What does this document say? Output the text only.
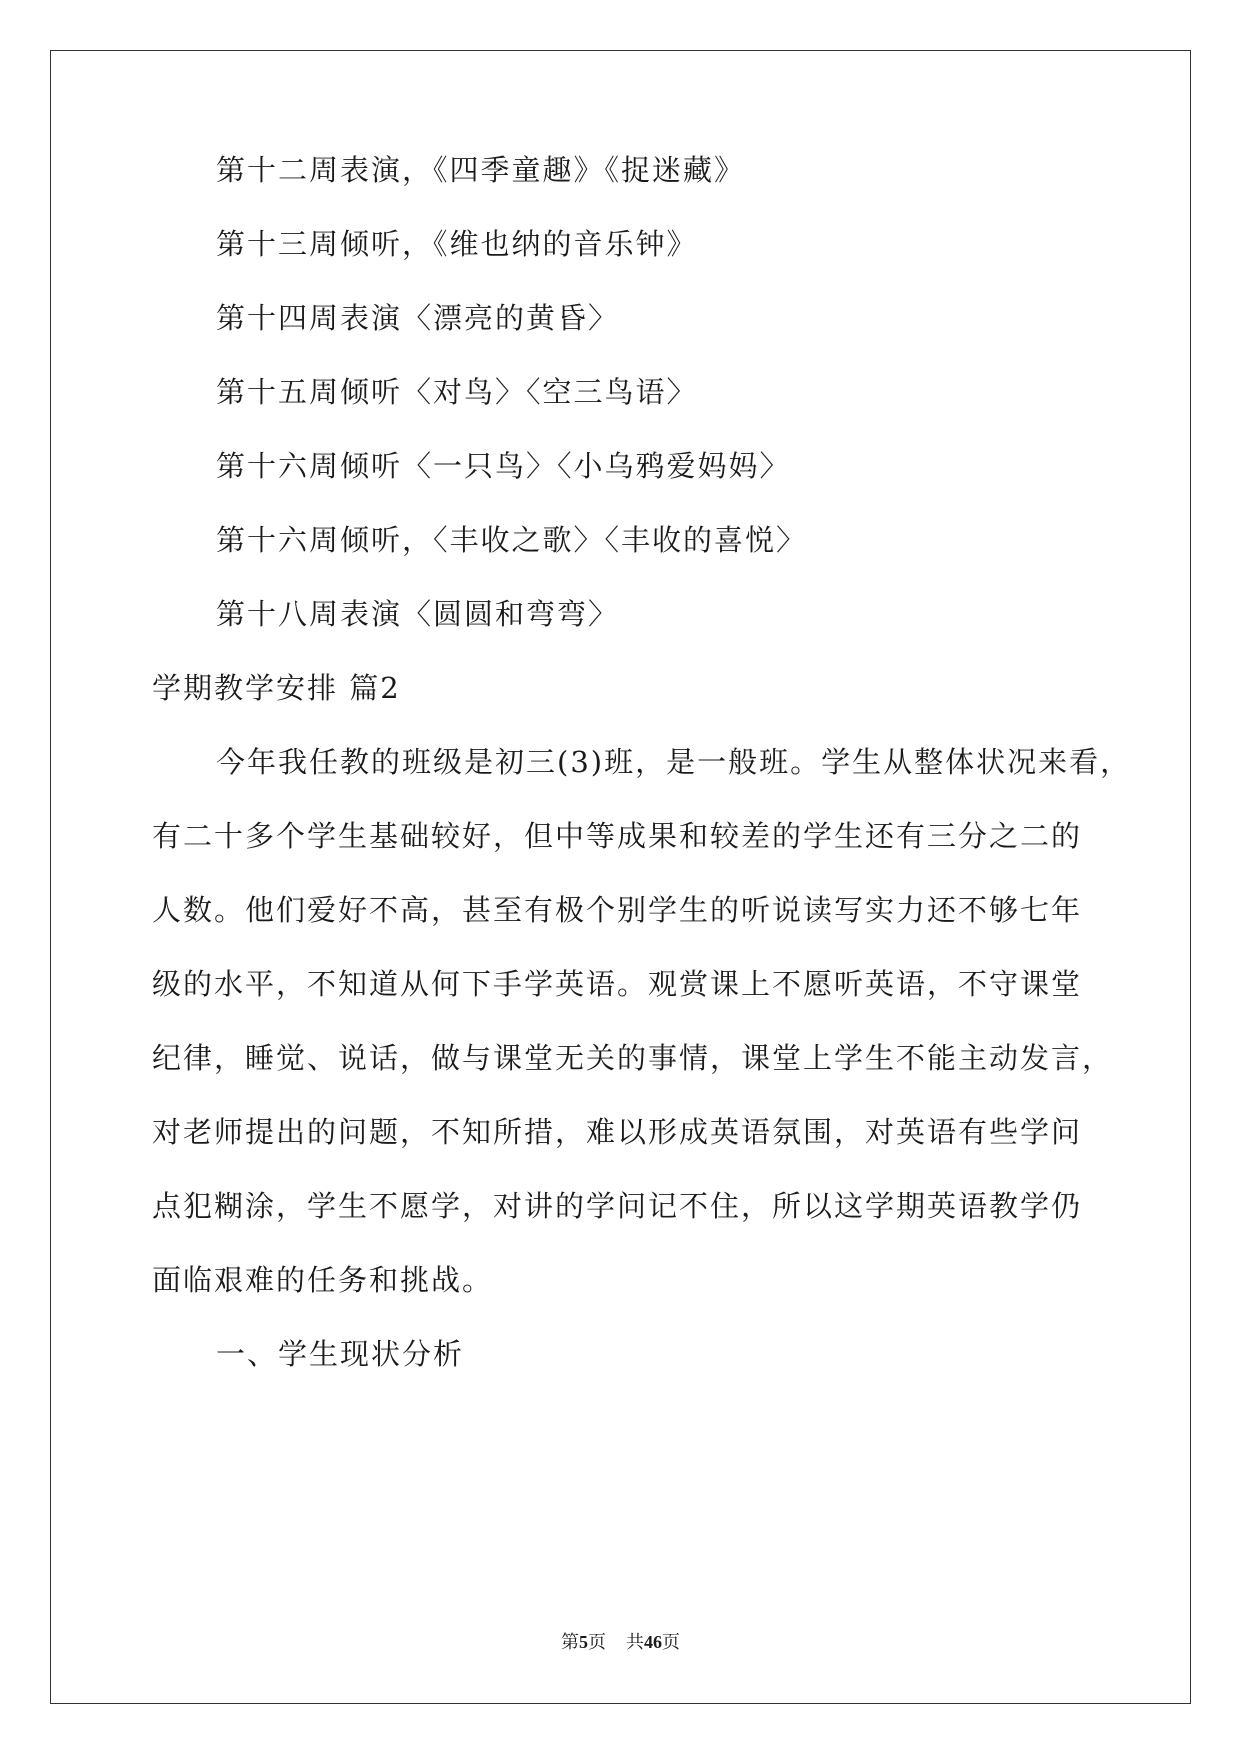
第十二周表演，《四季童趣》《捉迷藏》
第十三周倾听，《维也纳的音乐钟》
第十四周表演〈漂亮的黄昏〉
第十五周倾听〈对鸟〉〈空三鸟语〉
第十六周倾听〈一只鸟〉〈小乌鸦爱妈妈〉
第十六周倾听，〈丰收之歌〉〈丰收的喜悦〉
第十八周表演〈圆圆和弯弯〉
学期教学安排 篇2
今年我任教的班级是初三(3)班，是一般班。学生从整体状况来看，
有二十多个学生基础较好，但中等成果和较差的学生还有三分之二的
人数。他们爱好不高，甚至有极个别学生的听说读写实力还不够七年
级的水平，不知道从何下手学英语。观赏课上不愿听英语，不守课堂
纪律，睡觉、说话，做与课堂无关的事情，课堂上学生不能主动发言，
对老师提出的问题，不知所措，难以形成英语氛围，对英语有些学问
点犯糊涂，学生不愿学，对讲的学问记不住，所以这学期英语教学仍
面临艰难的任务和挑战。
一、学生现状分析
第5页 共46页
